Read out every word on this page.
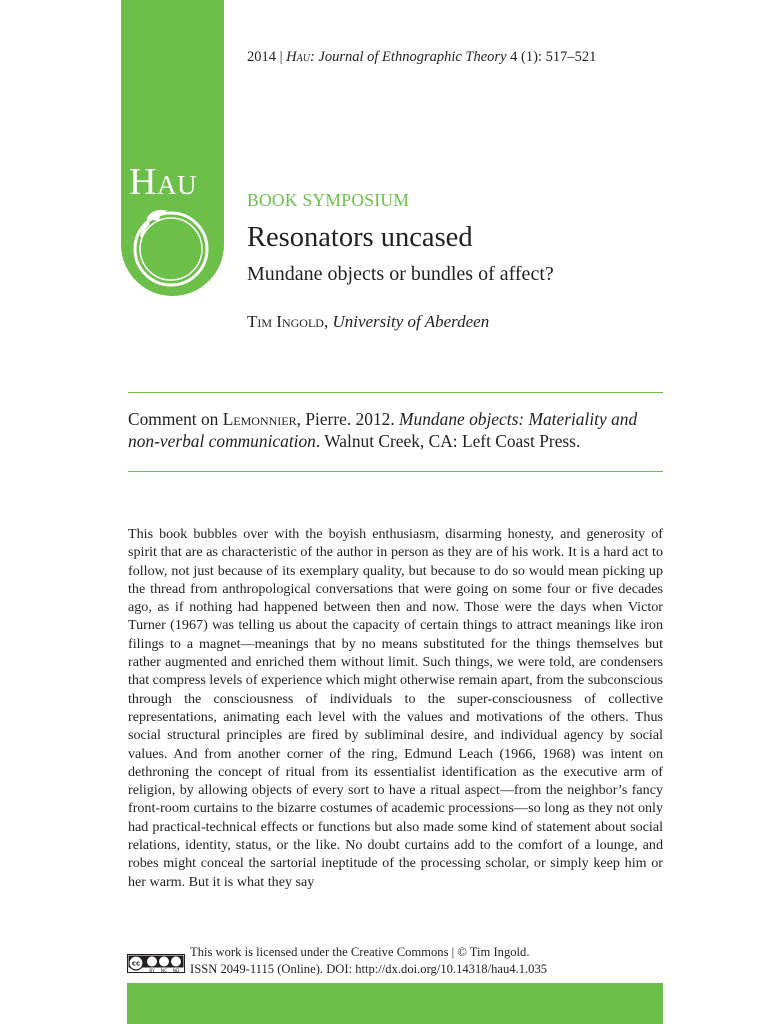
Hau
2014 | Hau: Journal of Ethnographic Theory 4 (1): 517–521
BOOK SYMPOSIUM
Resonators uncased
Mundane objects or bundles of affect?
Tim Ingold, University of Aberdeen
Comment on Lemonnier, Pierre. 2012. Mundane objects: Materiality and non-verbal communication. Walnut Creek, CA: Left Coast Press.
This book bubbles over with the boyish enthusiasm, disarming honesty, and generosity of spirit that are as characteristic of the author in person as they are of his work. It is a hard act to follow, not just because of its exemplary quality, but because to do so would mean picking up the thread from anthropological conversations that were going on some four or five decades ago, as if nothing had happened between then and now. Those were the days when Victor Turner (1967) was telling us about the capacity of certain things to attract meanings like iron filings to a magnet—meanings that by no means substituted for the things themselves but rather augmented and enriched them without limit. Such things, we were told, are condensers that compress levels of experience which might otherwise remain apart, from the subconscious through the consciousness of individuals to the super-consciousness of collective representations, animating each level with the values and motivations of the others. Thus social structural principles are fired by subliminal desire, and individual agency by social values. And from another corner of the ring, Edmund Leach (1966, 1968) was intent on dethroning the concept of ritual from its essentialist identification as the executive arm of religion, by allowing objects of every sort to have a ritual aspect—from the neighbor’s fancy front-room curtains to the bizarre costumes of academic processions—so long as they not only had practical-technical effects or functions but also made some kind of statement about social relations, identity, status, or the like. No doubt curtains add to the comfort of a lounge, and robes might conceal the sartorial ineptitude of the processing scholar, or simply keep him or her warm. But it is what they say
cc
BY NC ND
This work is licensed under the Creative Commons | © Tim Ingold.
ISSN 2049-1115 (Online). DOI: http://dx.doi.org/10.14318/hau4.1.035
